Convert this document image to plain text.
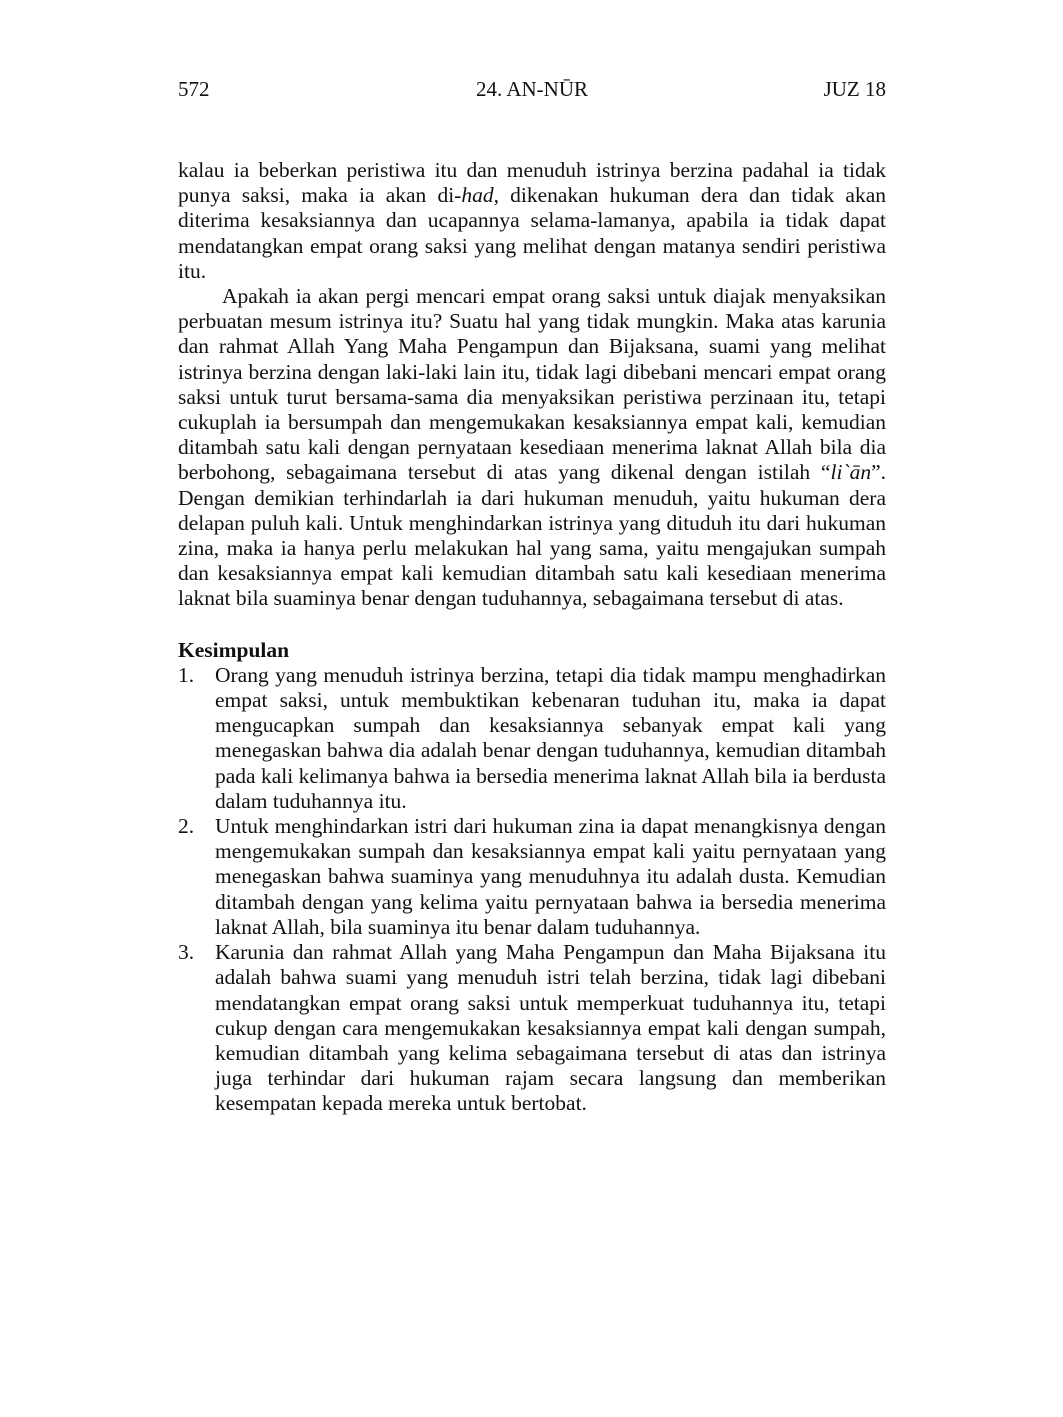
572	24. AN-NŪR	JUZ 18

kalau ia beberkan peristiwa itu dan menuduh istrinya berzina padahal ia tidak punya saksi, maka ia akan di-had, dikenakan hukuman dera dan tidak akan diterima kesaksiannya dan ucapannya selama-lamanya, apabila ia tidak dapat mendatangkan empat orang saksi yang melihat dengan matanya sendiri peristiwa itu.

Apakah ia akan pergi mencari empat orang saksi untuk diajak menyaksikan perbuatan mesum istrinya itu? Suatu hal yang tidak mungkin. Maka atas karunia dan rahmat Allah Yang Maha Pengampun dan Bijaksana, suami yang melihat istrinya berzina dengan laki-laki lain itu, tidak lagi dibebani mencari empat orang saksi untuk turut bersama-sama dia menyaksikan peristiwa perzinaan itu, tetapi cukuplah ia bersumpah dan mengemukakan kesaksiannya empat kali, kemudian ditambah satu kali dengan pernyataan kesediaan menerima laknat Allah bila dia berbohong, sebagaimana tersebut di atas yang dikenal dengan istilah “li`ān”. Dengan demikian terhindarlah ia dari hukuman menuduh, yaitu hukuman dera delapan puluh kali. Untuk menghindarkan istrinya yang dituduh itu dari hukuman zina, maka ia hanya perlu melakukan hal yang sama, yaitu mengajukan sumpah dan kesaksiannya empat kali kemudian ditambah satu kali kesediaan menerima laknat bila suaminya benar dengan tuduhannya, sebagaimana tersebut di atas.

Kesimpulan
1. Orang yang menuduh istrinya berzina, tetapi dia tidak mampu menghadirkan empat saksi, untuk membuktikan kebenaran tuduhan itu, maka ia dapat mengucapkan sumpah dan kesaksiannya sebanyak empat kali yang menegaskan bahwa dia adalah benar dengan tuduhannya, kemudian ditambah pada kali kelimanya bahwa ia bersedia menerima laknat Allah bila ia berdusta dalam tuduhannya itu.
2. Untuk menghindarkan istri dari hukuman zina ia dapat menangkisnya dengan mengemukakan sumpah dan kesaksiannya empat kali yaitu pernyataan yang menegaskan bahwa suaminya yang menuduhnya itu adalah dusta. Kemudian ditambah dengan yang kelima yaitu pernyataan bahwa ia bersedia menerima laknat Allah, bila suaminya itu benar dalam tuduhannya.
3. Karunia dan rahmat Allah yang Maha Pengampun dan Maha Bijaksana itu adalah bahwa suami yang menuduh istri telah berzina, tidak lagi dibebani mendatangkan empat orang saksi untuk memperkuat tuduhannya itu, tetapi cukup dengan cara mengemukakan kesaksiannya empat kali dengan sumpah, kemudian ditambah yang kelima sebagaimana tersebut di atas dan istrinya juga terhindar dari hukuman rajam secara langsung dan memberikan kesempatan kepada mereka untuk bertobat.
